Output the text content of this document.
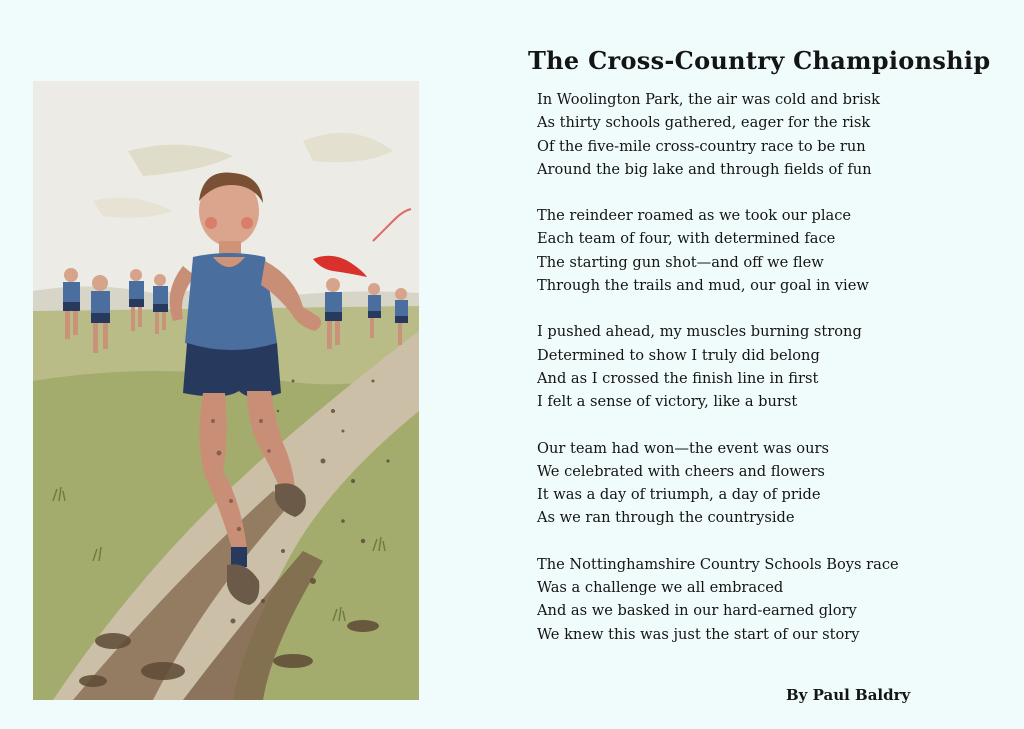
The Cross-Country Championship
In Woolington Park, the air was cold and brisk
As thirty schools gathered, eager for the risk
Of the five-mile cross-country race to be run
Around the big lake and through fields of fun
The reindeer roamed as we took our place
Each team of four, with determined face
The starting gun shot—and off we flew
Through the trails and mud, our goal in view
I pushed ahead, my muscles burning strong
Determined to show I truly did belong
And as I crossed the finish line in first
I felt a sense of victory, like a burst
Our team had won—the event was ours
We celebrated with cheers and flowers
It was a day of triumph, a day of pride
As we ran through the countryside
The Nottinghamshire Country Schools Boys race
Was a challenge we all embraced
And as we basked in our hard-earned glory
We knew this was just the start of our story
By Paul Baldry
